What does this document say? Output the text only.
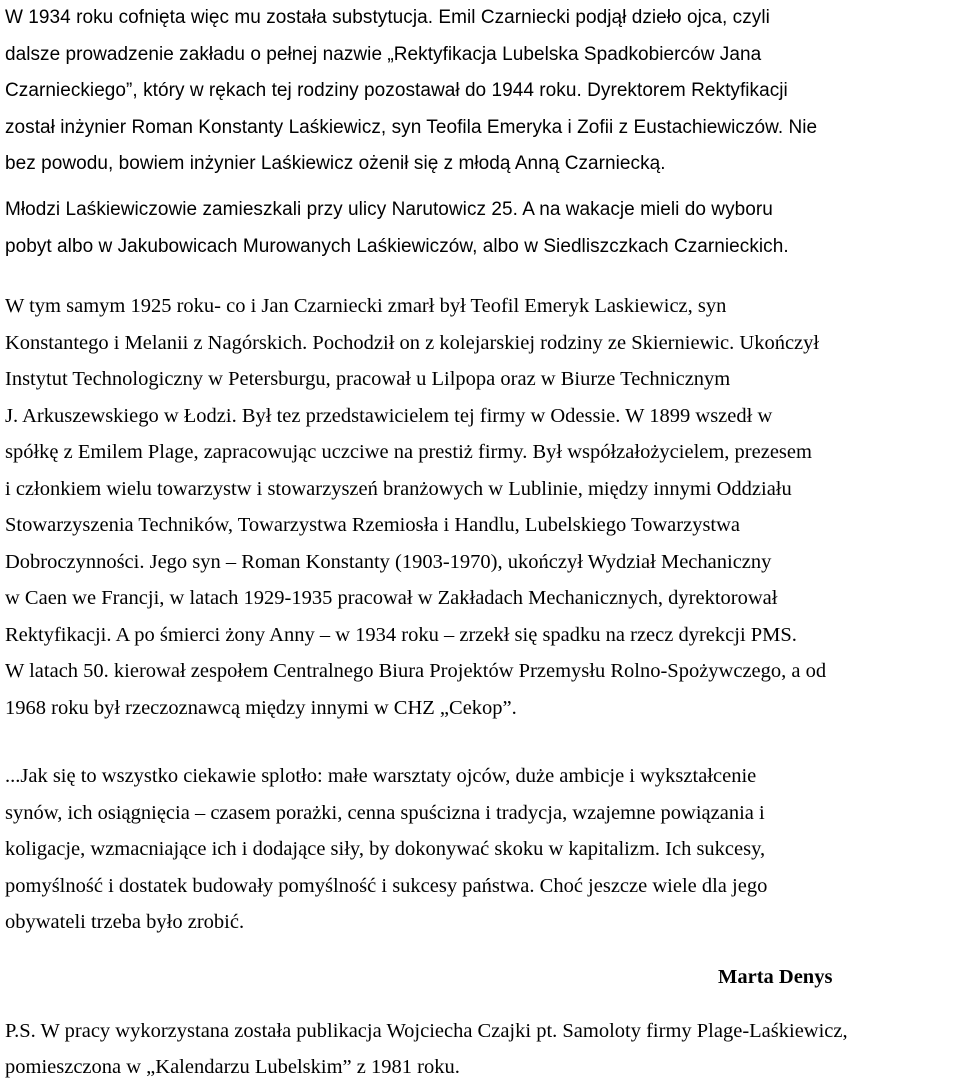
W 1934 roku cofnięta więc mu została substytucja. Emil Czarniecki podjął dzieło ojca, czyli
dalsze prowadzenie zakładu o pełnej nazwie „Rektyfikacja Lubelska Spadkobierców Jana
Czarnieckiego”, który w rękach tej rodziny pozostawał do 1944 roku. Dyrektorem Rektyfikacji
został inżynier Roman Konstanty Laśkiewicz, syn Teofila Emeryka i Zofii z Eustachiewiczów. Nie
bez powodu, bowiem inżynier Laśkiewicz ożenił się z młodą Anną Czarniecką.

Młodzi Laśkiewiczowie zamieszkali przy ulicy Narutowicz 25. A na wakacje mieli do wyboru
pobyt albo w Jakubowicach Murowanych Laśkiewiczów, albo w Siedliszczkach Czarnieckich.

W tym samym 1925 roku- co i Jan Czarniecki zmarł był Teofil Emeryk Laskiewicz, syn
Konstantego i Melanii z Nagórskich. Pochodził on z kolejarskiej rodziny ze Skierniewic. Ukończył
Instytut Technologiczny w Petersburgu, pracował u Lilpopa oraz w Biurze Technicznym
J. Arkuszewskiego w Łodzi. Był tez przedstawicielem tej firmy w Odessie. W 1899 wszedł w
spółkę z Emilem Plage, zapracowując uczciwe na prestiż firmy. Był współzałożycielem, prezesem
i członkiem wielu towarzystw i stowarzyszeń branżowych w Lublinie, między innymi Oddziału
Stowarzyszenia Techników, Towarzystwa Rzemiosła i Handlu, Lubelskiego Towarzystwa
Dobroczynności. Jego syn – Roman Konstanty (1903-1970), ukończył Wydział Mechaniczny
w Caen we Francji, w latach 1929-1935 pracował w Zakładach Mechanicznych, dyrektorował
Rektyfikacji. A po śmierci żony Anny – w 1934 roku – zrzekł się spadku na rzecz dyrekcji PMS.
W latach 50. kierował zespołem Centralnego Biura Projektów Przemysłu Rolno-Spożywczego, a od
1968 roku był rzeczoznawcą między innymi w CHZ „Cekop”.

...Jak się to wszystko ciekawie splotło: małe warsztaty ojców, duże ambicje i wykształcenie
synów, ich osiągnięcia – czasem porażki, cenna spuścizna i tradycja, wzajemne powiązania i
koligacje, wzmacniające ich i dodające siły, by dokonywać skoku w kapitalizm. Ich sukcesy,
pomyślność i dostatek budowały pomyślność i sukcesy państwa. Choć jeszcze wiele dla jego
obywateli trzeba było zrobić.

Marta Denys

P.S. W pracy wykorzystana została publikacja Wojciecha Czajki pt. Samoloty firmy Plage-Laśkiewicz,
pomieszczona w „Kalendarzu Lubelskim” z 1981 roku.
